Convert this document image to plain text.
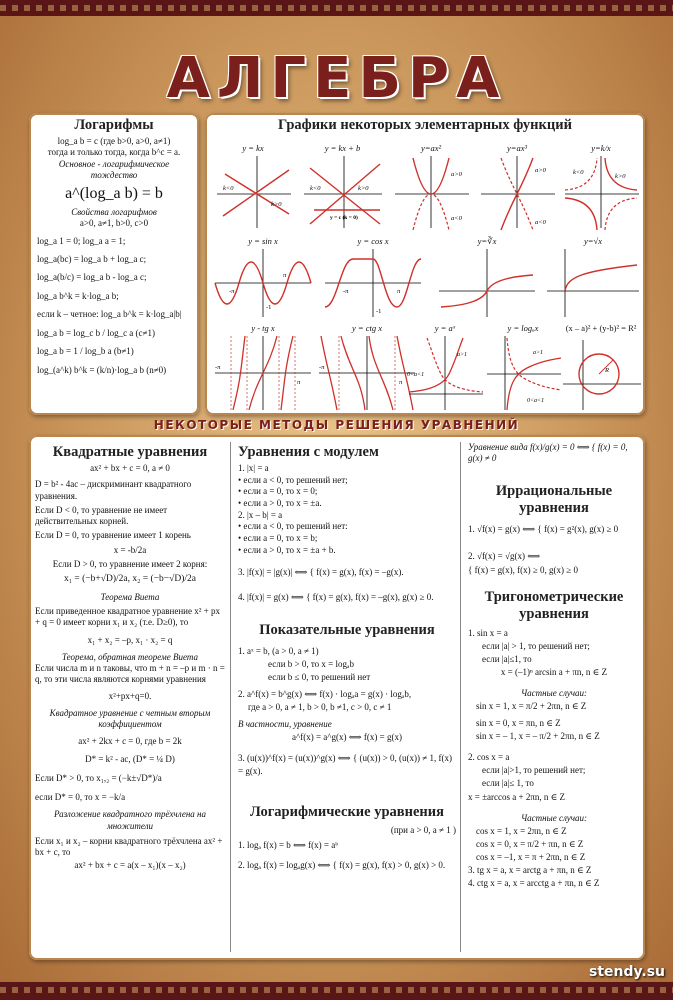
АЛГЕБРА
Логарифмы

log_a b = c (где b>0, a>0, a≠1)

тогда и только тогда, когда b^c = a.

Основное - логарифмическое

тождество

a^(log_a b) = b

Свойства логарифмов

a>0, a≠1, b>0, c>0

log_a 1 = 0; log_a a = 1;

log_a(bc) = log_a b + log_a c;

log_a(b/c) = log_a b - log_a c;

log_a b^k = k·log_a b;

если k – четное: log_a b^k = k·log_a|b|

log_a b = log_c b / log_c a (c≠1)

log_a b = 1 / log_b a (b≠1)

log_(a^k) b^k = (k/n)·log_a b (n≠0)

Графики некоторых элементарных функций
y = kx
k<0
k>0
y = kx + b
k<0	k>0
y = c (k = 0)
y=ax²
a>0
a<0
y=ax³
a>0
a<0
y=k/x
k<0
k>0
y = sin x
-π
π
-1
y = cos x
-π	π
-1
y=∛x	y=√x
y - tg x
-π
π
y = ctg x
-π
π
y = aˣ
a>1
0<a<1
y = logₐx
a>1
0<a<1
(x – a)² + (y-b)² = R²
R
НЕКОТОРЫЕ МЕТОДЫ РЕШЕНИЯ УРАВНЕНИЙ
Квадратные уравнения

ax² + bx + c = 0, a ≠ 0

D = b² - 4ac – дискриминант квадратного уравнения.

Если D < 0, то уравнение не имеет действительных корней.

Если D = 0, то уравнение имеет 1 корень

x = -b/2a

Если D > 0, то уравнение имеет 2 корня:

x₁ = (−b+√D)/2a, x₂ = (−b−√D)/2a

Теорема Виета

Если приведенное квадратное уравнение x² + px + q = 0 имеет корни x₁ и x₂ (т.е. D≥0), то

x₁ + x₂ = –p, x₁ · x₂ = q

Теорема, обратная теореме Виета

Если числа m и n таковы, что m + n = –p и m · n = q, то эти числа являются корнями уравнения

x²+px+q=0.

Квадратное уравнение с четным вторым коэффициентом

ax² + 2kx + c = 0, где b = 2k

D* = k² - ac, (D* = ¼ D)

Если D* > 0, то x₁,₂ = (−k±√D*)/a

если D* = 0, то x = −k/a

Разложение квадратного трёхчлена на множители

Если x₁ и x₂ – корни квадратного трёхчлена ax² + bx + c, то

ax² + bx + c = a(x – x₁)(x – x₂)

Уравнения с модулем

1. |x| = a

• если a < 0, то решений нет;

• если a = 0, то x = 0;

• если a > 0, то x = ±a.

2. |x – b| = a

• если a < 0, то решений нет:

• если a = 0, то x = b;

• если a > 0, то x = ±a + b.

3. |f(x)| = |g(x)| ⟺ { f(x) = g(x), f(x) = –g(x).

4. |f(x)| = g(x) ⟺ { f(x) = g(x), f(x) = –g(x), g(x) ≥ 0.

Показательные уравнения

1. aˣ = b, (a > 0, a ≠ 1)

если b > 0, то x = logₐb

если b ≤ 0, то решений нет

2. a^f(x) = b^g(x) ⟺ f(x) · logₐa = g(x) · logₐb,

где a > 0, a ≠ 1, b > 0, b ≠1, c > 0, c ≠ 1

В частности, уравнение

a^f(x) = a^g(x) ⟺ f(x) = g(x)

3. (u(x))^f(x) = (u(x))^g(x) ⟺ { (u(x)) > 0, (u(x)) ≠ 1, f(x) = g(x).

Логарифмические уравнения

(при a > 0, a ≠ 1 )

1. logₐ f(x) = b ⟺ f(x) = aᵇ

2. logₐ f(x) = logₐg(x) ⟺ { f(x) = g(x), f(x) > 0, g(x) > 0.

Уравнение вида f(x)/g(x) = 0 ⟺ { f(x) = 0, g(x) ≠ 0
Иррациональные уравнения

1. √f(x) = g(x) ⟺ { f(x) = g²(x), g(x) ≥ 0

2. √f(x) = √g(x) ⟺

{ f(x) = g(x), f(x) ≥ 0, g(x) ≥ 0

Тригонометрические уравнения

1. sin x = a

если |a| > 1, то решений нет;

если |a|≤1, то

x = (–1)ⁿ arcsin a + πn, n ∈ Z

Частные случаи:

sin x = 1, x = π/2 + 2πn, n ∈ Z

sin x = 0, x = πn, n ∈ Z

sin x = – 1, x = – π/2 + 2πn, n ∈ Z

2. cos x = a

если |a|>1, то решений нет;

если |a|≤ 1, то

x = ±arccos a + 2πn, n ∈ Z

Частные случаи:

cos x = 1, x = 2πn, n ∈ Z

cos x = 0, x = π/2 + πn, n ∈ Z

cos x = –1, x = π + 2πn, n ∈ Z

3. tg x = a, x = arctg a + πn, n ∈ Z

4. ctg x = a, x = arcctg a + πn, n ∈ Z

stendy.su
